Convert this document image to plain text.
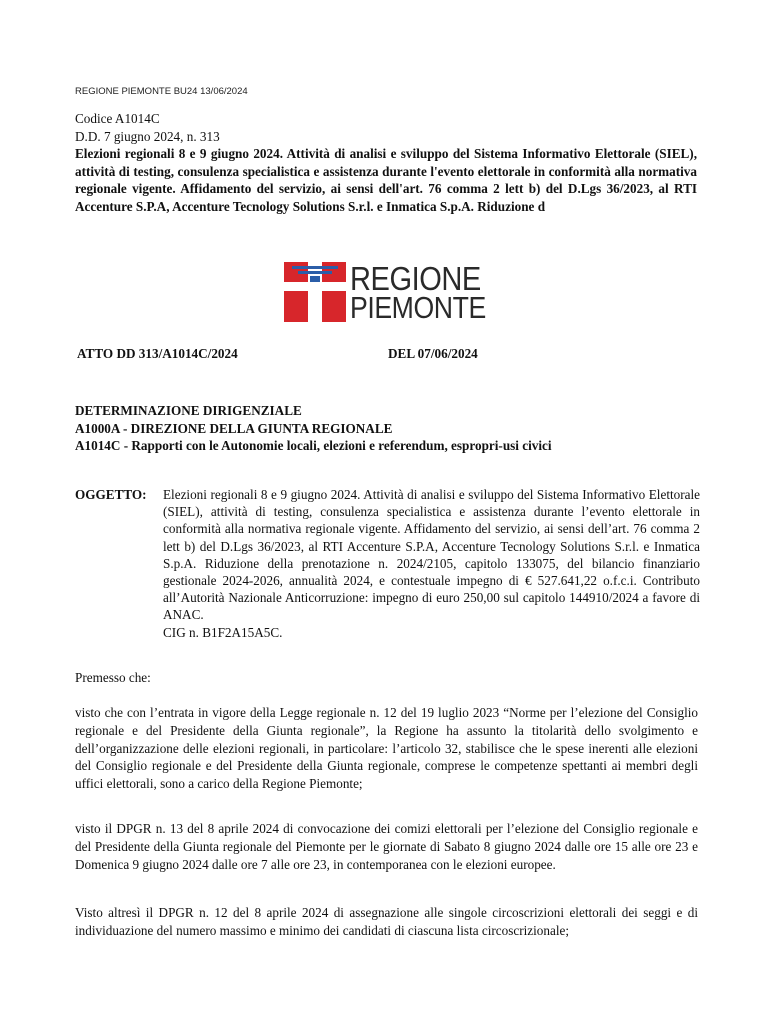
REGIONE PIEMONTE BU24 13/06/2024
Codice A1014C
D.D. 7 giugno 2024, n. 313
Elezioni regionali 8 e 9 giugno 2024. Attività di analisi e sviluppo del Sistema Informativo Elettorale (SIEL), attività di testing, consulenza specialistica e assistenza durante l'evento elettorale in conformità alla normativa regionale vigente. Affidamento del servizio, ai sensi dell'art. 76 comma 2 lett b) del D.Lgs 36/2023, al RTI Accenture S.P.A, Accenture Tecnology Solutions S.r.l. e Inmatica S.p.A. Riduzione d
REGIONE
PIEMONTE
ATTO DD 313/A1014C/2024	DEL 07/06/2024
DETERMINAZIONE DIRIGENZIALE
A1000A - DIREZIONE DELLA GIUNTA REGIONALE
A1014C - Rapporti con le Autonomie locali, elezioni e referendum, espropri-usi civici
OGGETTO: Elezioni regionali 8 e 9 giugno 2024. Attività di analisi e sviluppo del Sistema Informativo Elettorale (SIEL), attività di testing, consulenza specialistica e assistenza durante l’evento elettorale in conformità alla normativa regionale vigente. Affidamento del servizio, ai sensi dell’art. 76 comma 2 lett b) del D.Lgs 36/2023, al RTI Accenture S.P.A, Accenture Tecnology Solutions S.r.l. e Inmatica S.p.A. Riduzione della prenotazione n. 2024/2105, capitolo 133075, del bilancio finanziario gestionale 2024-2026, annualità 2024, e contestuale impegno di € 527.641,22 o.f.c.i. Contributo all’Autorità Nazionale Anticorruzione: impegno di euro 250,00 sul capitolo 144910/2024 a favore di ANAC.
CIG n. B1F2A15A5C.
Premesso che:
visto che con l’entrata in vigore della Legge regionale n. 12 del 19 luglio 2023 “Norme per l’elezione del Consiglio regionale e del Presidente della Giunta regionale”, la Regione ha assunto la titolarità dello svolgimento e dell’organizzazione delle elezioni regionali, in particolare: l’articolo 32, stabilisce che le spese inerenti alle elezioni del Consiglio regionale e del Presidente della Giunta regionale, comprese le competenze spettanti ai membri degli uffici elettorali, sono a carico della Regione Piemonte;
visto il DPGR n. 13 del 8 aprile 2024 di convocazione dei comizi elettorali per l’elezione del Consiglio regionale e del Presidente della Giunta regionale del Piemonte per le giornate di Sabato 8 giugno 2024 dalle ore 15 alle ore 23 e Domenica 9 giugno 2024 dalle ore 7 alle ore 23, in contemporanea con le elezioni europee.
Visto altresì il DPGR n. 12 del 8 aprile 2024 di assegnazione alle singole circoscrizioni elettorali dei seggi e di individuazione del numero massimo e minimo dei candidati di ciascuna lista circoscrizionale;
